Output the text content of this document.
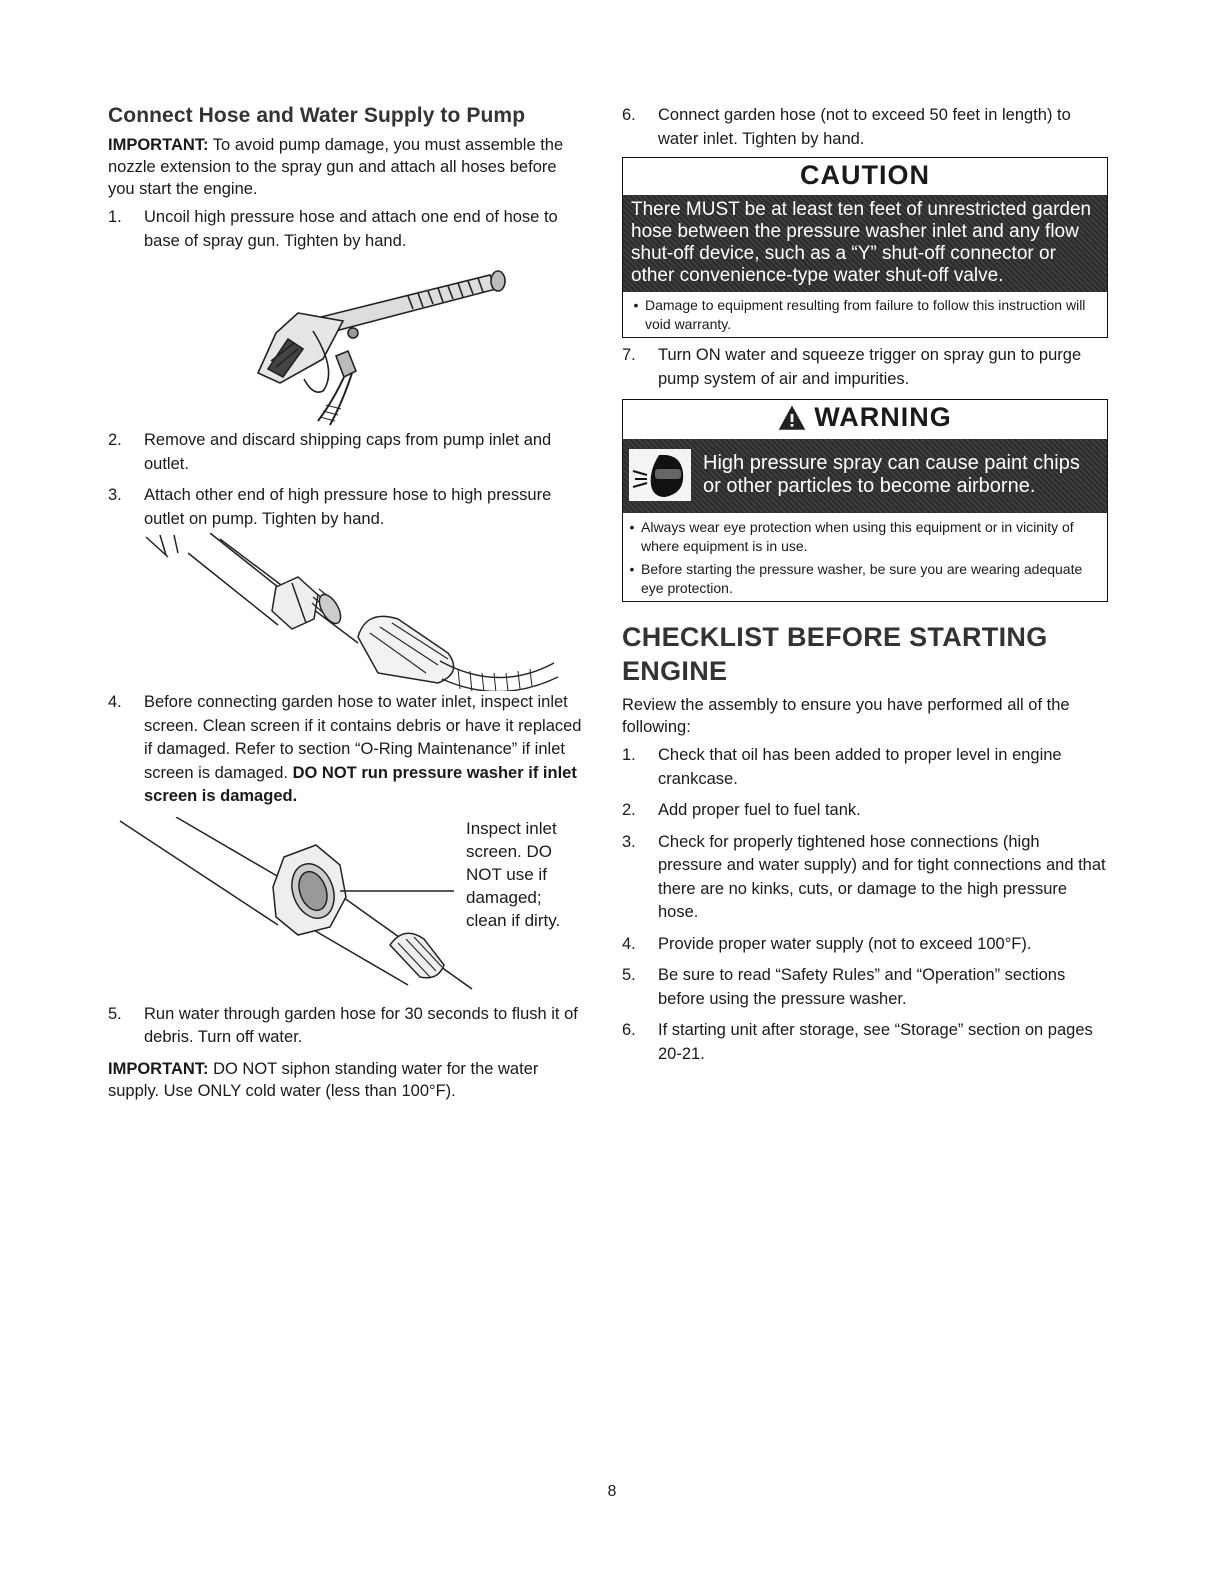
Connect Hose and Water Supply to Pump

IMPORTANT: To avoid pump damage, you must assemble the nozzle extension to the spray gun and attach all hoses before you start the engine.

1.	Uncoil high pressure hose and attach one end of hose to base of spray gun. Tighten by hand.
2.	Remove and discard shipping caps from pump inlet and outlet.
3.	Attach other end of high pressure hose to high pressure outlet on pump. Tighten by hand.
4.	Before connecting garden hose to water inlet, inspect inlet screen. Clean screen if it contains debris or have it replaced if damaged. Refer to section “O-Ring Maintenance” if inlet screen is damaged. DO NOT run pressure washer if inlet screen is damaged.
Inspect inlet
screen. DO
NOT use if
damaged;
clean if dirty.
5.	Run water through garden hose for 30 seconds to flush it of debris. Turn off water.

IMPORTANT: DO NOT siphon standing water for the water supply. Use ONLY cold water (less than 100°F).

6.	Connect garden hose (not to exceed 50 feet in length) to water inlet. Tighten by hand.
CAUTION
There MUST be at least ten feet of unrestricted garden hose between the pressure washer inlet and any flow shut-off device, such as a “Y” shut-off connector or other convenience-type water shut-off valve.
• Damage to equipment resulting from failure to follow this instruction will void warranty.
7.	Turn ON water and squeeze trigger on spray gun to purge pump system of air and impurities.
WARNING
High pressure spray can cause paint chips or other particles to become airborne.
• Always wear eye protection when using this equipment or in vicinity of where equipment is in use.
• Before starting the pressure washer, be sure you are wearing adequate eye protection.
CHECKLIST BEFORE STARTING
ENGINE

Review the assembly to ensure you have performed all of the following:

1.	Check that oil has been added to proper level in engine crankcase.
2.	Add proper fuel to fuel tank.
3.	Check for properly tightened hose connections (high pressure and water supply) and for tight connections and that there are no kinks, cuts, or damage to the high pressure hose.
4.	Provide proper water supply (not to exceed 100°F).
5.	Be sure to read “Safety Rules” and “Operation” sections before using the pressure washer.
6.	If starting unit after storage, see “Storage” section on pages 20-21.
8
